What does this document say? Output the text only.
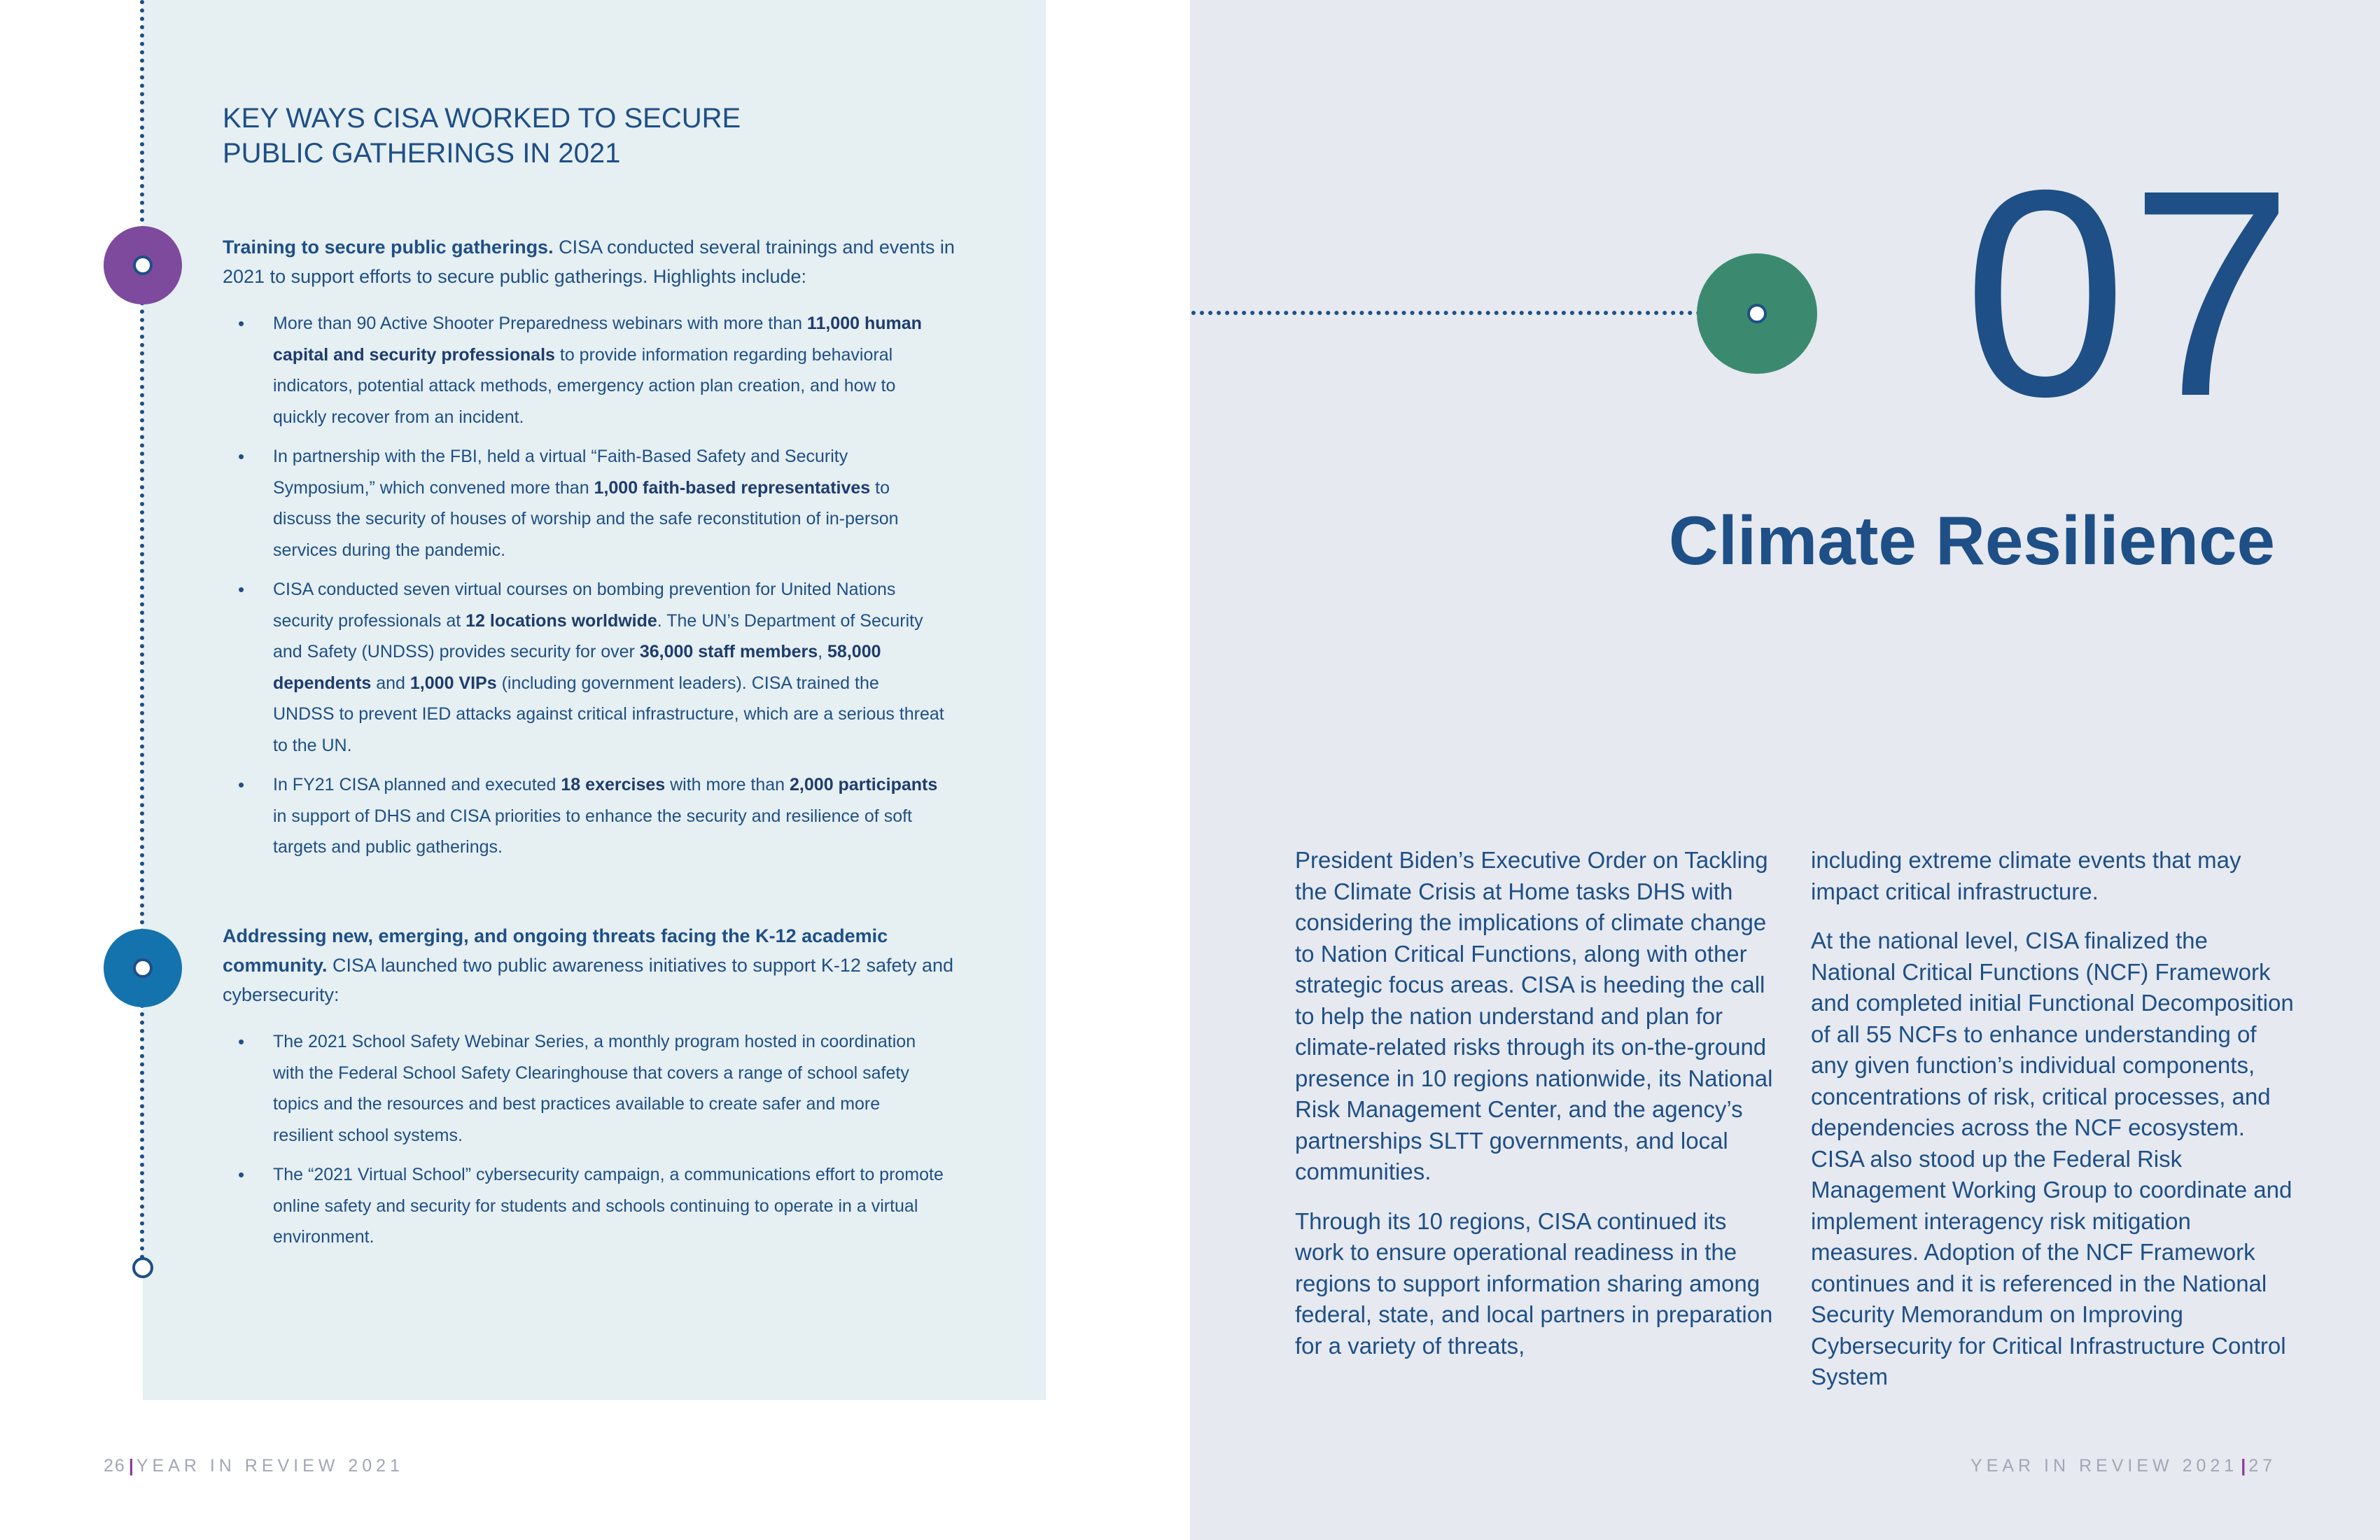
KEY WAYS CISA WORKED TO SECURE
PUBLIC GATHERINGS IN 2021
Training to secure public gatherings. CISA conducted several trainings and events in 2021 to support efforts to secure public gatherings. Highlights include:
• More than 90 Active Shooter Preparedness webinars with more than 11,000 human capital and security professionals to provide information regarding behavioral indicators, potential attack methods, emergency action plan creation, and how to quickly recover from an incident.
• In partnership with the FBI, held a virtual “Faith-Based Safety and Security Symposium,” which convened more than 1,000 faith-based representatives to discuss the security of houses of worship and the safe reconstitution of in-person services during the pandemic.
• CISA conducted seven virtual courses on bombing prevention for United Nations security professionals at 12 locations worldwide. The UN’s Department of Security and Safety (UNDSS) provides security for over 36,000 staff members, 58,000 dependents and 1,000 VIPs (including government leaders). CISA trained the UNDSS to prevent IED attacks against critical infrastructure, which are a serious threat to the UN.
• In FY21 CISA planned and executed 18 exercises with more than 2,000 participants in support of DHS and CISA priorities to enhance the security and resilience of soft targets and public gatherings.
Addressing new, emerging, and ongoing threats facing the K-12 academic community. CISA launched two public awareness initiatives to support K-12 safety and cybersecurity:
• The 2021 School Safety Webinar Series, a monthly program hosted in coordination with the Federal School Safety Clearinghouse that covers a range of school safety topics and the resources and best practices available to create safer and more resilient school systems.
• The “2021 Virtual School” cybersecurity campaign, a communications effort to promote online safety and security for students and schools continuing to operate in a virtual environment.
26 | YEAR IN REVIEW 2021
07
Climate Resilience

President Biden’s Executive Order on Tackling the Climate Crisis at Home tasks DHS with considering the implications of climate change to Nation Critical Functions, along with other strategic focus areas. CISA is heeding the call to help the nation understand and plan for climate-related risks through its on-the-ground presence in 10 regions nationwide, its National Risk Management Center, and the agency’s partnerships SLTT governments, and local communities.

Through its 10 regions, CISA continued its work to ensure operational readiness in the regions to support information sharing among federal, state, and local partners in preparation for a variety of threats,

including extreme climate events that may impact critical infrastructure.

At the national level, CISA finalized the National Critical Functions (NCF) Framework and completed initial Functional Decomposition of all 55 NCFs to enhance understanding of any given function’s individual components, concentrations of risk, critical processes, and dependencies across the NCF ecosystem. CISA also stood up the Federal Risk Management Working Group to coordinate and implement interagency risk mitigation measures. Adoption of the NCF Framework continues and it is referenced in the National Security Memorandum on Improving Cybersecurity for Critical Infrastructure Control System

YEAR IN REVIEW 2021 | 27
